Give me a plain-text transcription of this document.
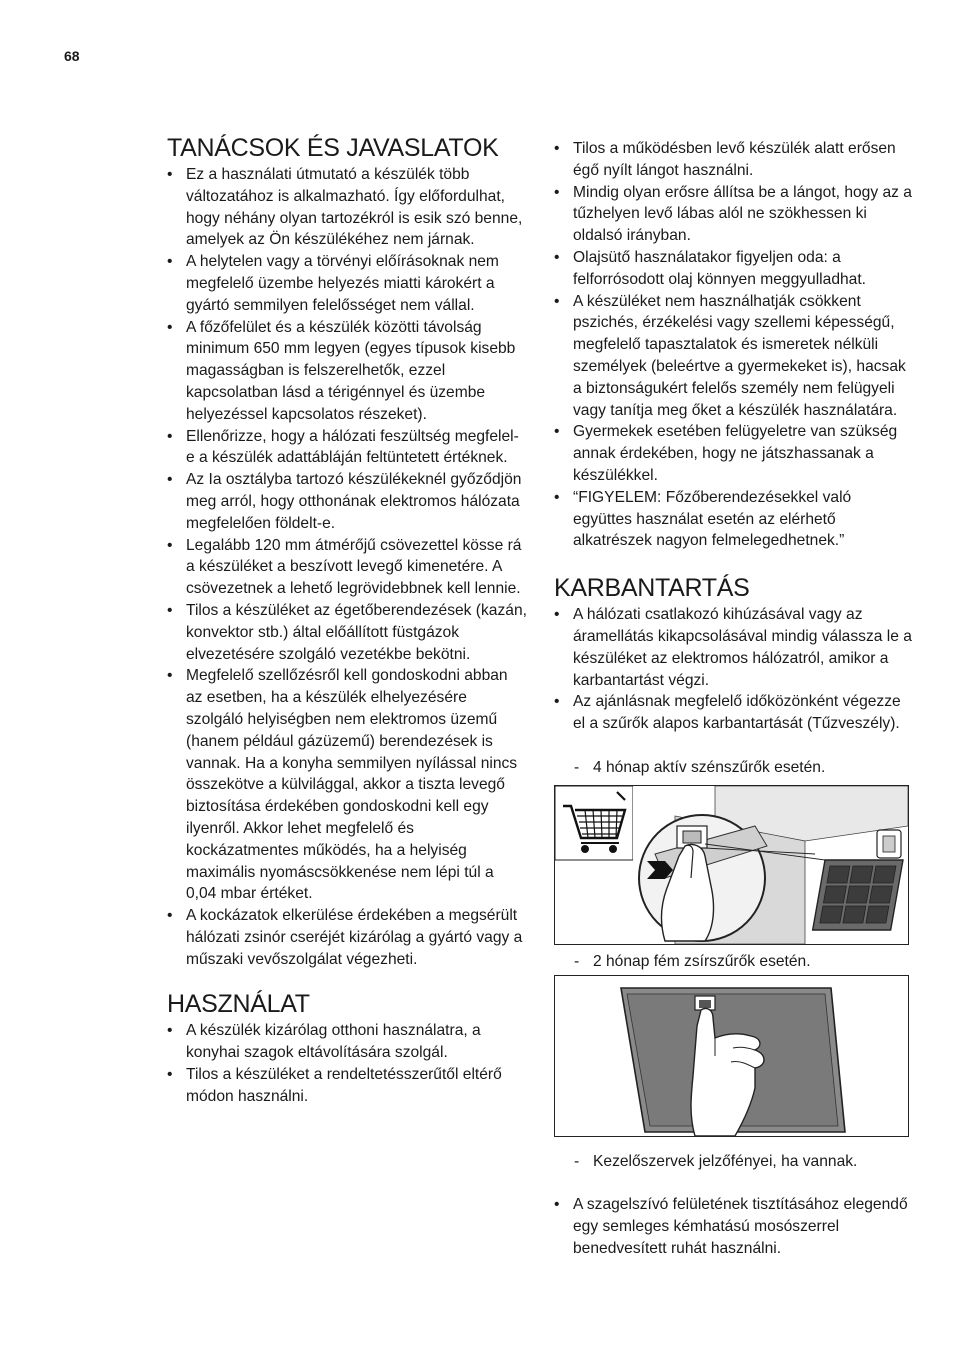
68
TANÁCSOK ÉS JAVASLATOK
• Ez a használati útmutató a készülék több változatához is alkalmazható. Így előfordulhat, hogy néhány olyan tartozékról is esik szó benne, amelyek az Ön készülékéhez nem járnak.
• A helytelen vagy a törvényi előírásoknak nem megfelelő üzembe helyezés miatti károkért a gyártó semmilyen felelősséget nem vállal.
• A főzőfelület és a készülék közötti távolság minimum 650 mm legyen (egyes típusok kisebb magasságban is felszerelhetők, ezzel kapcsolatban lásd a térigénnyel és üzembe helyezéssel kapcsolatos részeket).
• Ellenőrizze, hogy a hálózati feszültség megfelel-e a készülék adattábláján feltüntetett értéknek.
• Az Ia osztályba tartozó készülékeknél győződjön meg arról, hogy otthonának elektromos hálózata megfelelően földelt-e.
• Legalább 120 mm átmérőjű csövezettel kösse rá a készüléket a beszívott levegő kimenetére. A csövezetnek a lehető legrövidebbnek kell lennie.
• Tilos a készüléket az égetőberendezések (kazán, konvektor stb.) által előállított füstgázok elvezetésére szolgáló vezetékbe bekötni.
• Megfelelő szellőzésről kell gondoskodni abban az esetben, ha a készülék elhelyezésére szolgáló helyiségben nem elektromos üzemű (hanem például gázüzemű) berendezések is vannak. Ha a konyha semmilyen nyílással nincs összekötve a külvilággal, akkor a tiszta levegő biztosítása érdekében gondoskodni kell egy ilyenről. Akkor lehet megfelelő és kockázatmentes működés, ha a helyiség maximális nyomáscsökkenése nem lépi túl a 0,04 mbar értéket.
• A kockázatok elkerülése érdekében a megsérült hálózati zsinór cseréjét kizárólag a gyártó vagy a műszaki vevőszolgálat végezheti.
HASZNÁLAT
• A készülék kizárólag otthoni használatra, a konyhai szagok eltávolítására szolgál.
• Tilos a készüléket a rendeltetésszerűtől eltérő módon használni.
• Tilos a működésben levő készülék alatt erősen égő nyílt lángot használni.
• Mindig olyan erősre állítsa be a lángot, hogy az a tűzhelyen levő lábas alól ne szökhessen ki oldalsó irányban.
• Olajsütő használatakor figyeljen oda: a felforrósodott olaj könnyen meggyulladhat.
• A készüléket nem használhatják csökkent pszichés, érzékelési vagy szellemi képességű, megfelelő tapasztalatok és ismeretek nélküli személyek (beleértve a gyermekeket is), hacsak a biztonságukért felelős személy nem felügyeli vagy tanítja meg őket a készülék használatára.
• Gyermekek esetében felügyeletre van szükség annak érdekében, hogy ne játszhassanak a készülékkel.
• “FIGYELEM: Főzőberendezésekkel való együttes használat esetén az elérhető alkatrészek nagyon felmelegedhetnek.”
KARBANTARTÁS
• A hálózati csatlakozó kihúzásával vagy az áramellátás kikapcsolásával mindig válassza le a készüléket az elektromos hálózatról, amikor a karbantartást végzi.
• Az ajánlásnak megfelelő időközönként végezze el a szűrők alapos karbantartását (Tűzveszély).
- 4 hónap aktív szénszűrők esetén.
- 2 hónap fém zsírszűrők esetén.
- Kezelőszervek jelzőfényei, ha vannak.
• A szagelszívó felületének tisztításához elegendő egy semleges kémhatású mosószerrel benedvesített ruhát használni.
